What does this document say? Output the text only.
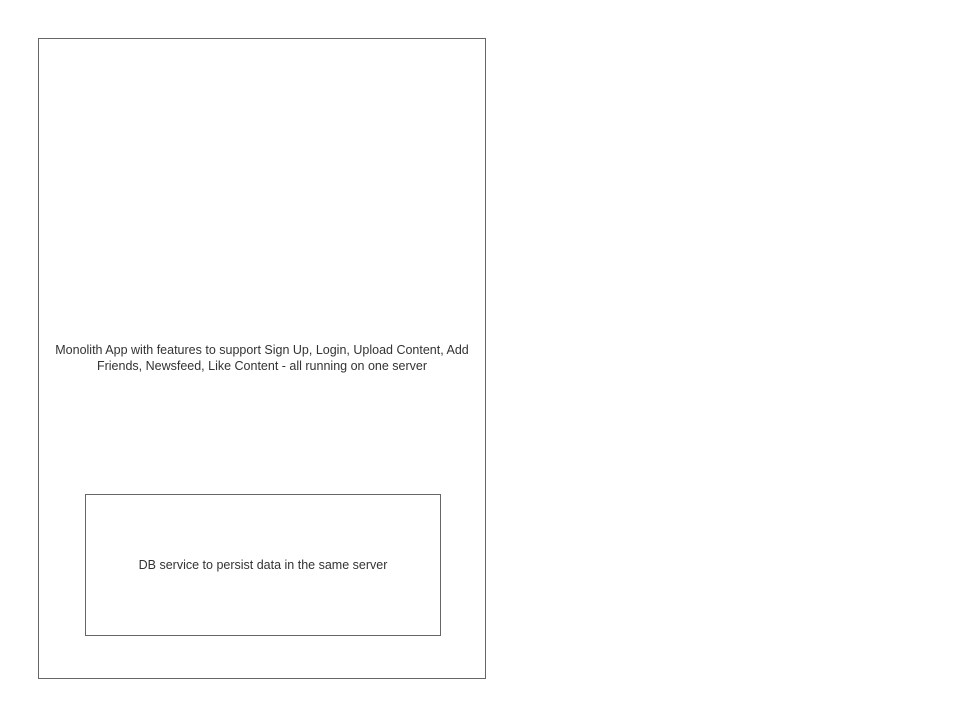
Monolith App with features to support Sign Up, Login, Upload Content, Add Friends, Newsfeed, Like Content - all running on one server
DB service to persist data in the same server
